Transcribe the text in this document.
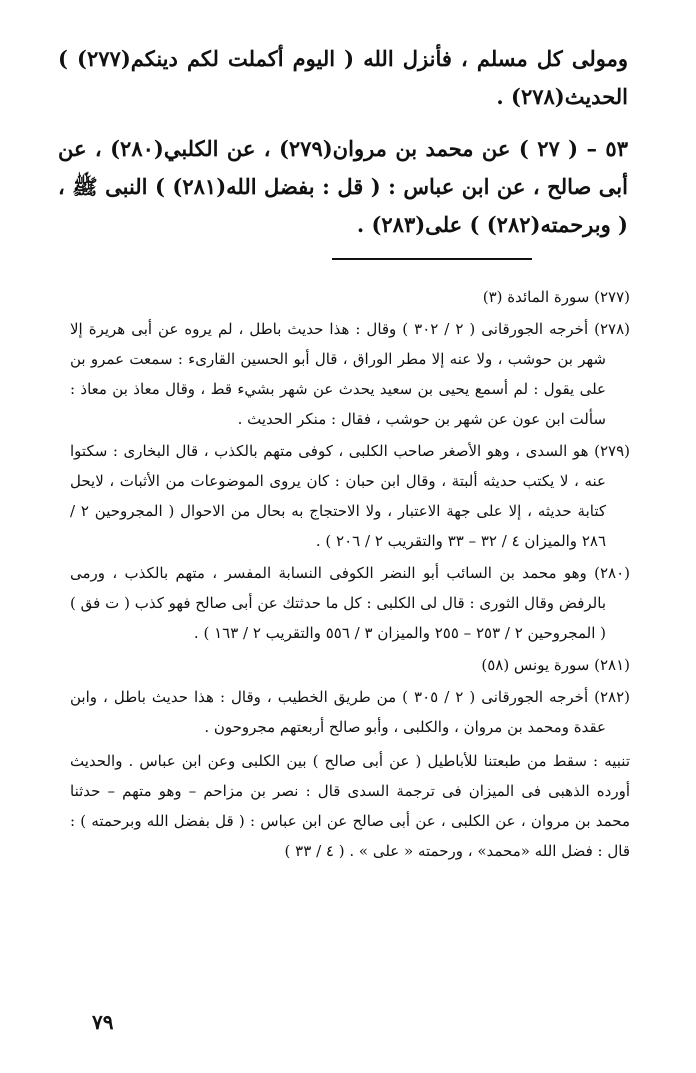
ومولى كل مسلم ، فأنزل الله ( اليوم أكملت لكم دينكم(٢٧٧) ) الحديث(٢٧٨) .

٥٣ – ( ٢٧ ) عن محمد بن مروان(٢٧٩) ، عن الكلبي(٢٨٠) ، عن أبى صالح ، عن ابن عباس : ( قل : بفضل الله(٢٨١) ) النبى ﷺ ، ( وبرحمته(٢٨٢) ) على(٢٨٣) .

(٢٧٧) سورة المائدة (٣)

(٢٧٨) أخرجه الجورقانى ( ٢ / ٣٠٢ ) وقال : هذا حديث باطل ، لم يروه عن أبى هريرة إلا شهر بن حوشب ، ولا عنه إلا مطر الوراق ، قال أبو الحسين القارىء : سمعت عمرو بن على يقول : لم أسمع يحيى بن سعيد يحدث عن شهر بشيء قط ، وقال معاذ بن معاذ : سألت ابن عون عن شهر بن حوشب ، فقال : منكر الحديث .

(٢٧٩) هو السدى ، وهو الأصغر صاحب الكلبى ، كوفى متهم بالكذب ، قال البخارى : سكتوا عنه ، لا يكتب حديثه ألبتة ، وقال ابن حبان : كان يروى الموضوعات من الأثبات ، لايحل كتابة حديثه ، إلا على جهة الاعتبار ، ولا الاحتجاج به بحال من الاحوال ( المجروحين ٢ / ٢٨٦ والميزان ٤ / ٣٢ – ٣٣ والتقريب ٢ / ٢٠٦ ) .

(٢٨٠) وهو محمد بن السائب أبو النضر الكوفى النسابة المفسر ، متهم بالكذب ، ورمى بالرفض وقال الثورى : قال لى الكلبى : كل ما حدثتك عن أبى صالح فهو كذب ( ت فق ) ( المجروحين ٢ / ٢٥٣ – ٢٥٥ والميزان ٣ / ٥٥٦ والتقريب ٢ / ١٦٣ ) .

(٢٨١) سورة يونس (٥٨)

(٢٨٢) أخرجه الجورقانى ( ٢ / ٣٠٥ ) من طريق الخطيب ، وقال : هذا حديث باطل ، وابن عقدة ومحمد بن مروان ، والكلبى ، وأبو صالح أربعتهم مجروحون .

تنبيه : سقط من طبعتنا للأباطيل ( عن أبى صالح ) بين الكلبى وعن ابن عباس . والحديث أورده الذهبى فى الميزان فى ترجمة السدى قال : نصر بن مزاحم – وهو متهم – حدثنا محمد بن مروان ، عن الكلبى ، عن أبى صالح عن ابن عباس : ( قل بفضل الله وبرحمته ) : قال : فضل الله «محمد» ، ورحمته « على » . ( ٤ / ٣٣ )

٧٩
